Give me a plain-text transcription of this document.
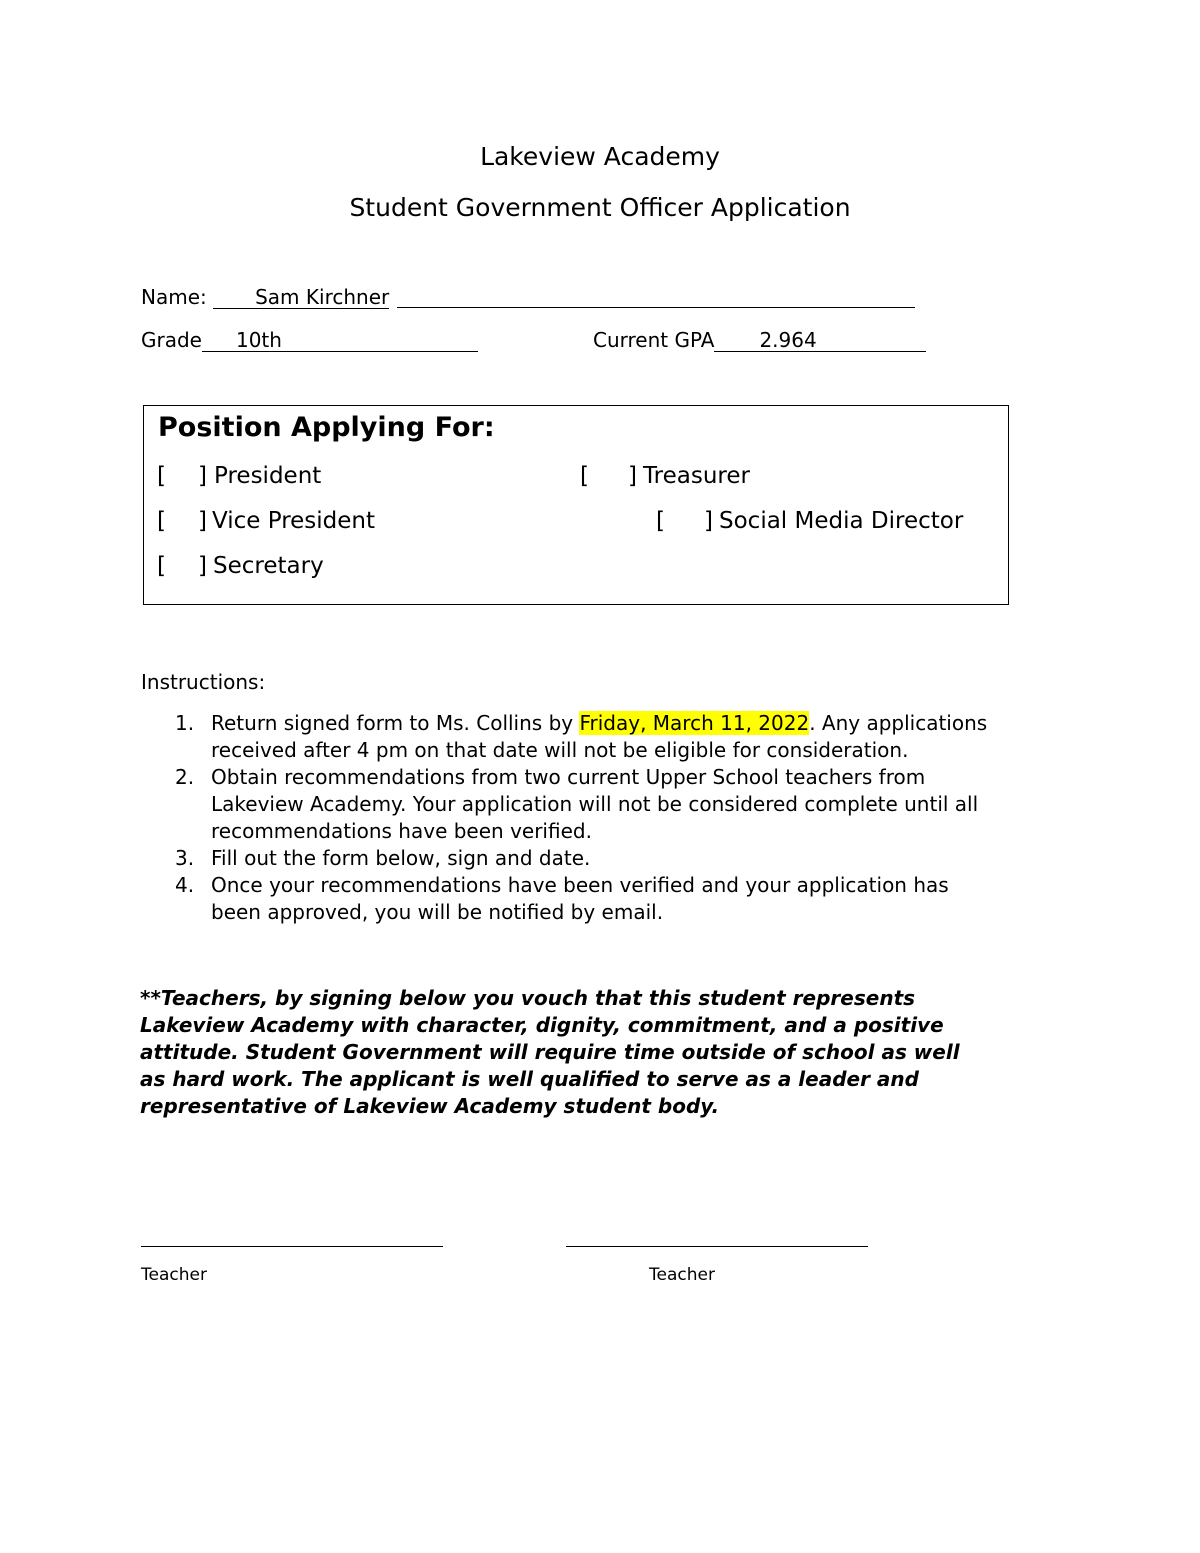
Lakeview Academy
Student Government Officer Application
Name: Sam Kirchner
Grade 10th	Current GPA 2.964
Position Applying For:
[ ] President
[ ] Vice President
[ ] Secretary
[ ] Treasurer
[ ] Social Media Director
Instructions:
1. Return signed form to Ms. Collins by Friday, March 11, 2022. Any applications
received after 4 pm on that date will not be eligible for consideration.
2. Obtain recommendations from two current Upper School teachers from
Lakeview Academy. Your application will not be considered complete until all
recommendations have been verified.
3. Fill out the form below, sign and date.
4. Once your recommendations have been verified and your application has
been approved, you will be notified by email.
**Teachers, by signing below you vouch that this student represents
Lakeview Academy with character, dignity, commitment, and a positive
attitude. Student Government will require time outside of school as well
as hard work. The applicant is well qualified to serve as a leader and
representative of Lakeview Academy student body.
Teacher	Teacher
